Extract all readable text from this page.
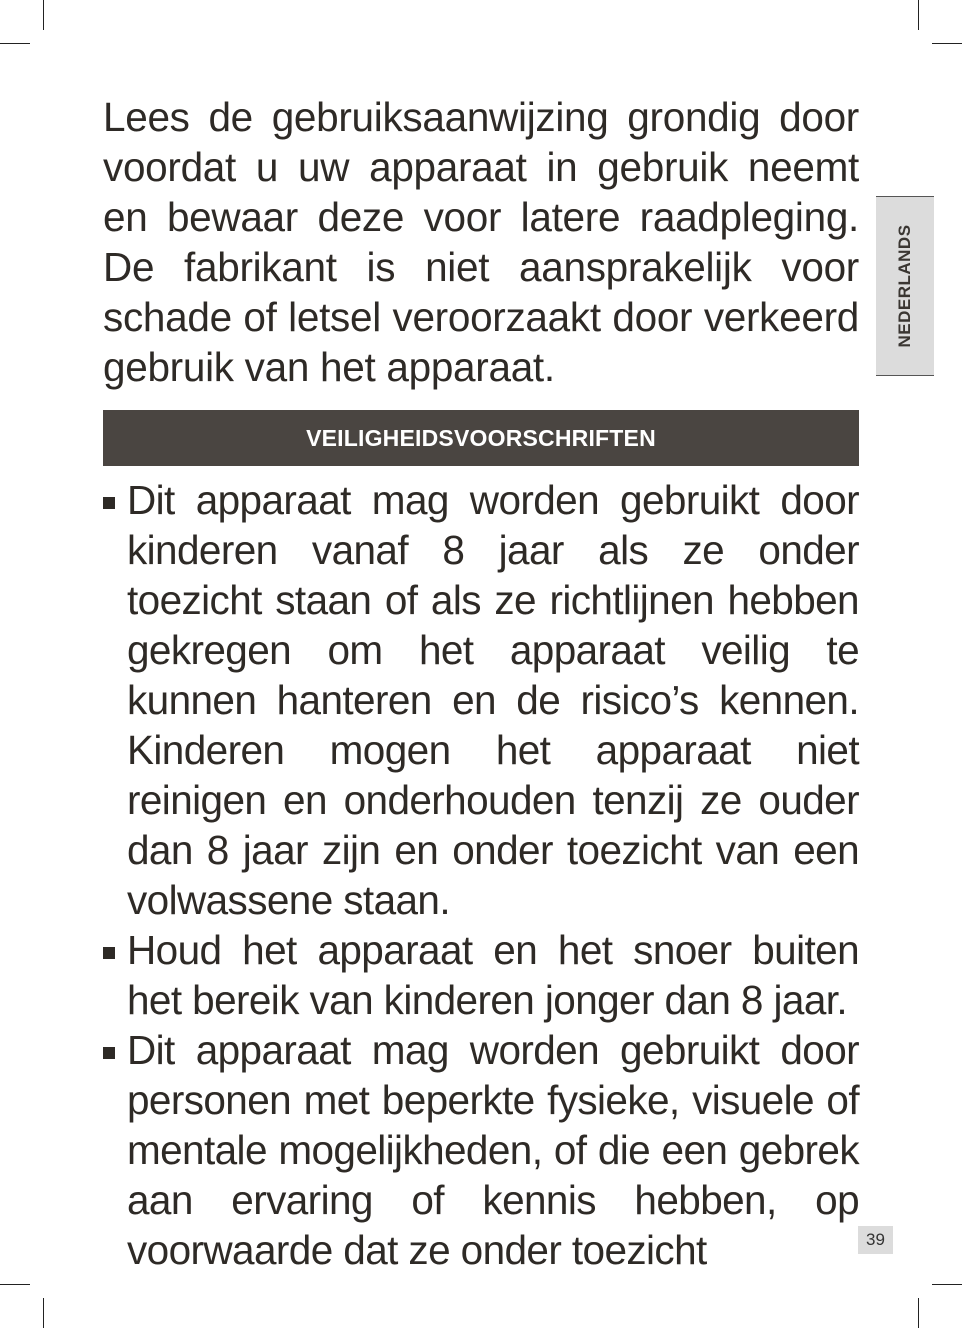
Lees de gebruiksaanwijzing grondig door voordat u uw apparaat in gebruik neemt en bewaar deze voor latere raadpleging. De fabrikant is niet aansprakelijk voor schade of letsel veroorzaakt door verkeerd gebruik van het apparaat.

VEILIGHEIDSVOORSCHRIFTEN
Dit apparaat mag worden gebruikt door kinderen vanaf 8 jaar als ze onder toezicht staan of als ze richtlijnen hebben gekregen om het apparaat veilig te kunnen hanteren en de risico’s kennen. Kinderen mogen het apparaat niet reinigen en onderhouden tenzij ze ouder dan 8 jaar zijn en onder toezicht van een volwassene staan.
Houd het apparaat en het snoer buiten het bereik van kinderen jonger dan 8 jaar.
Dit apparaat mag worden gebruikt door personen met beperkte fysieke, visuele of mentale mogelijkheden, of die een gebrek aan ervaring of kennis hebben, op voorwaarde dat ze onder toezicht
NEDERLANDS
39
